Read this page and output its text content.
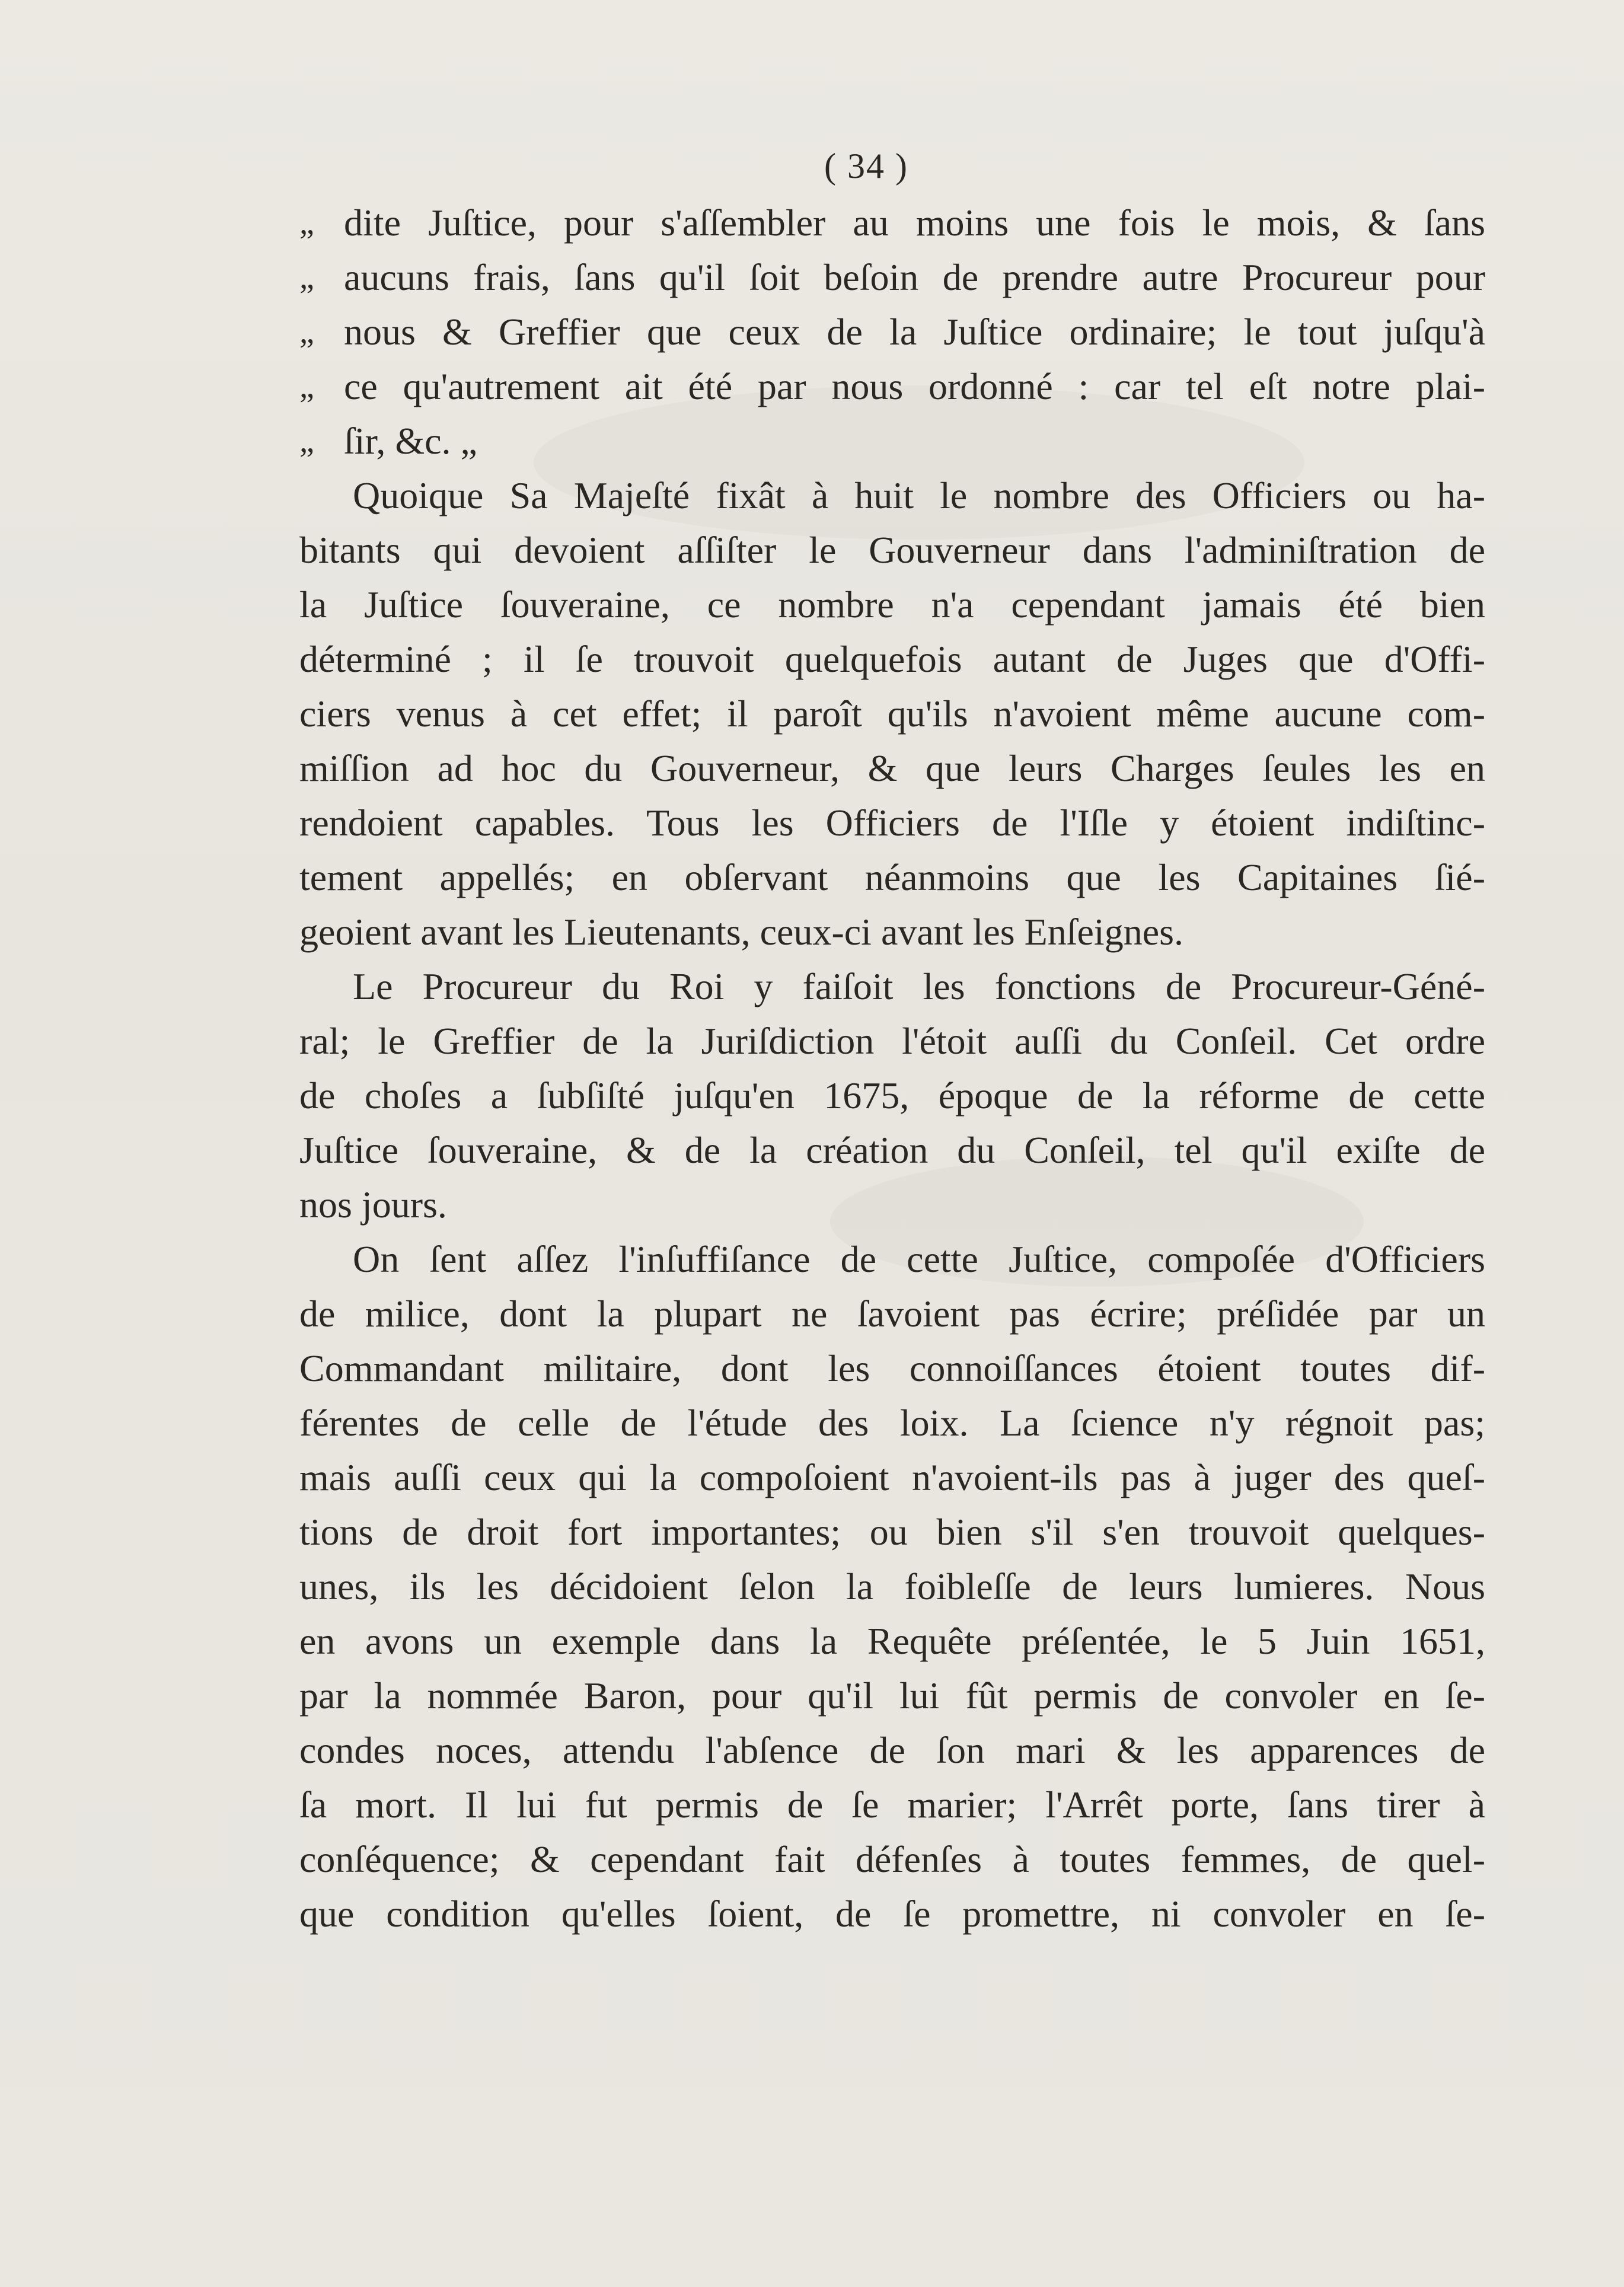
( 34 )
„ dite Juſtice, pour s'aſſembler au moins une fois le mois, & ſans
„ aucuns frais, ſans qu'il ſoit beſoin de prendre autre Procureur pour
„ nous & Greffier que ceux de la Juſtice ordinaire; le tout juſqu'à
„ ce qu'autrement ait été par nous ordonné : car tel eſt notre plai-
„ ſir, &c. „
Quoique Sa Majeſté fixât à huit le nombre des Officiers ou ha-
bitants qui devoient aſſiſter le Gouverneur dans l'adminiſtration de
la Juſtice ſouveraine, ce nombre n'a cependant jamais été bien
déterminé ; il ſe trouvoit quelquefois autant de Juges que d'Offi-
ciers venus à cet effet; il paroît qu'ils n'avoient même aucune com-
miſſion ad hoc du Gouverneur, & que leurs Charges ſeules les en
rendoient capables. Tous les Officiers de l'Iſle y étoient indiſtinc-
tement appellés; en obſervant néanmoins que les Capitaines ſié-
geoient avant les Lieutenants, ceux-ci avant les Enſeignes.
Le Procureur du Roi y faiſoit les fonctions de Procureur-Géné-
ral; le Greffier de la Juriſdiction l'étoit auſſi du Conſeil. Cet ordre
de choſes a ſubſiſté juſqu'en 1675, époque de la réforme de cette
Juſtice ſouveraine, & de la création du Conſeil, tel qu'il exiſte de
nos jours.
On ſent aſſez l'inſuffiſance de cette Juſtice, compoſée d'Officiers
de milice, dont la plupart ne ſavoient pas écrire; préſidée par un
Commandant militaire, dont les connoiſſances étoient toutes dif-
férentes de celle de l'étude des loix. La ſcience n'y régnoit pas;
mais auſſi ceux qui la compoſoient n'avoient-ils pas à juger des queſ-
tions de droit fort importantes; ou bien s'il s'en trouvoit quelques-
unes, ils les décidoient ſelon la foibleſſe de leurs lumieres. Nous
en avons un exemple dans la Requête préſentée, le 5 Juin 1651,
par la nommée Baron, pour qu'il lui fût permis de convoler en ſe-
condes noces, attendu l'abſence de ſon mari & les apparences de
ſa mort. Il lui fut permis de ſe marier; l'Arrêt porte, ſans tirer à
conſéquence; & cependant fait défenſes à toutes femmes, de quel-
que condition qu'elles ſoient, de ſe promettre, ni convoler en ſe-
